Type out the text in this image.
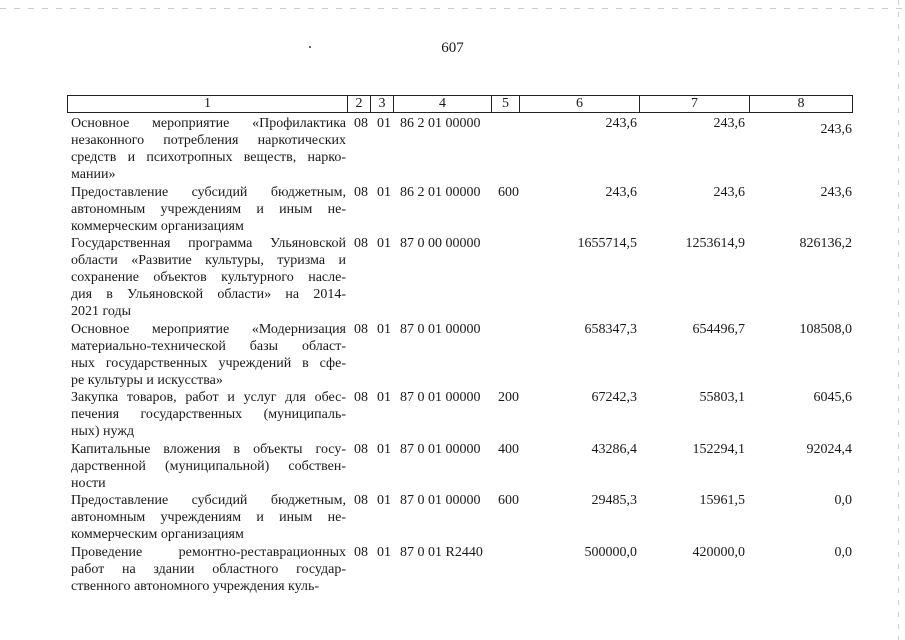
607
1	2	3	4	5	6	7	8
Основное мероприятие «Профилактика
незаконного потребления наркотических
средств и психотропных веществ, нарко-
мании»
08 01 86 2 01 00000	243,6	243,6	243,6
Предоставление субсидий бюджетным,
автономным учреждениям и иным не-
коммерческим организациям
08 01 86 2 01 00000 600	243,6	243,6	243,6
Государственная программа Ульяновской
области «Развитие культуры, туризма и
сохранение объектов культурного насле-
дия в Ульяновской области» на 2014-
2021 годы
08 01 87 0 00 00000	1655714,5	1253614,9	826136,2
Основное мероприятие «Модернизация
материально-технической базы област-
ных государственных учреждений в сфе-
ре культуры и искусства»
08 01 87 0 01 00000	658347,3	654496,7	108508,0
Закупка товаров, работ и услуг для обес-
печения государственных (муниципаль-
ных) нужд
08 01 87 0 01 00000 200	67242,3	55803,1	6045,6
Капитальные вложения в объекты госу-
дарственной (муниципальной) собствен-
ности
08 01 87 0 01 00000 400	43286,4	152294,1	92024,4
Предоставление субсидий бюджетным,
автономным учреждениям и иным не-
коммерческим организациям
08 01 87 0 01 00000 600	29485,3	15961,5	0,0
Проведение ремонтно-реставрационных
работ на здании областного государ-
ственного автономного учреждения куль-
08 01 87 0 01 R2440	500000,0	420000,0	0,0
